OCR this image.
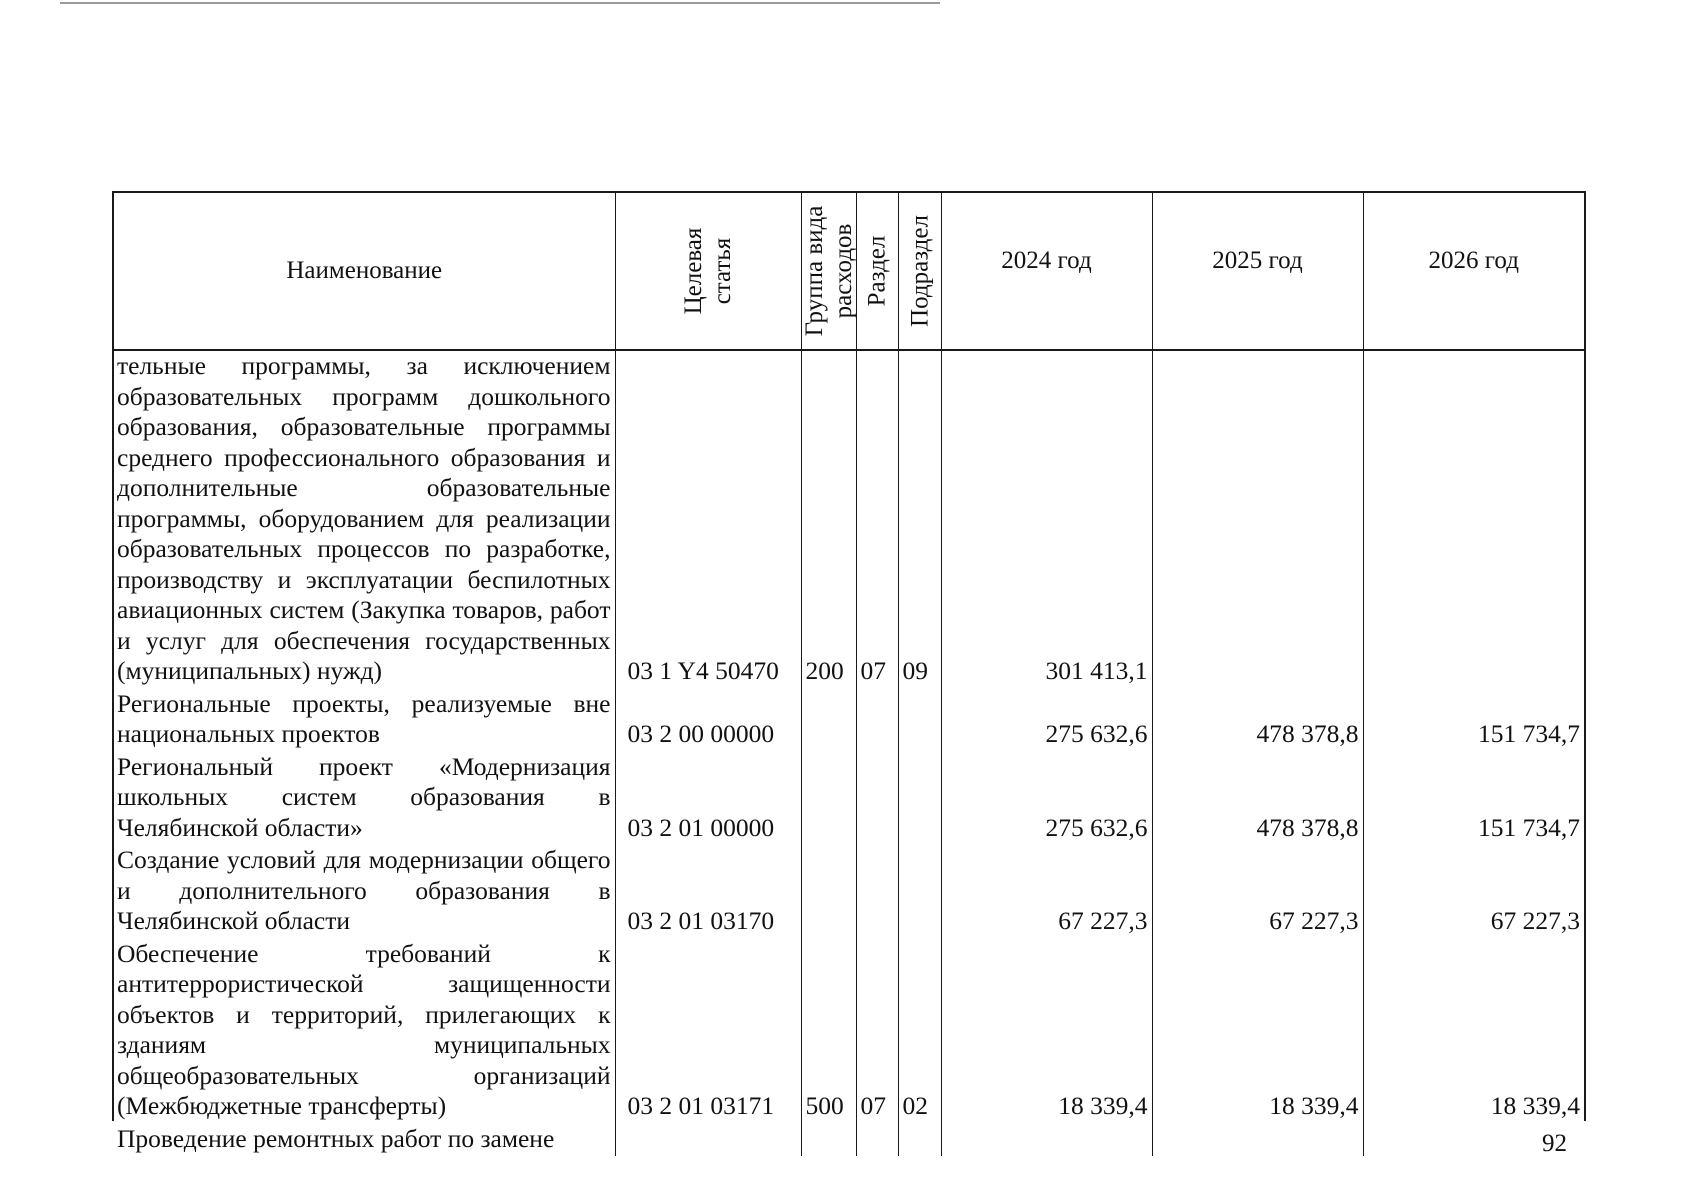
Наименование	Целевая статья	Группа вида расходов	Раздел	Подраздел	2024 год	2025 год	2026 год

тельные программы, за исключением образовательных программ дошкольного образования, образовательные программы среднего профессионального образования и дополнительные образовательные программы, оборудованием для реализации образовательных процессов по разработке, производству и эксплуатации беспилотных авиационных систем (Закупка товаров, работ и услуг для обеспечения государственных (муниципальных) нужд)	03 1 Y4 50470	200	07	09	301 413,1		
Региональные проекты, реализуемые вне национальных проектов	03 2 00 00000				275 632,6	478 378,8	151 734,7
Региональный проект «Модернизация школьных систем образования в Челябинской области»	03 2 01 00000				275 632,6	478 378,8	151 734,7
Создание условий для модернизации общего и дополнительного образования в Челябинской области	03 2 01 03170				67 227,3	67 227,3	67 227,3
Обеспечение требований к антитеррористической защищенности объектов и территорий, прилегающих к зданиям муниципальных общеобразовательных организаций (Межбюджетные трансферты)	03 2 01 03171	500	07	02	18 339,4	18 339,4	18 339,4
Проведение ремонтных работ по замене								92
